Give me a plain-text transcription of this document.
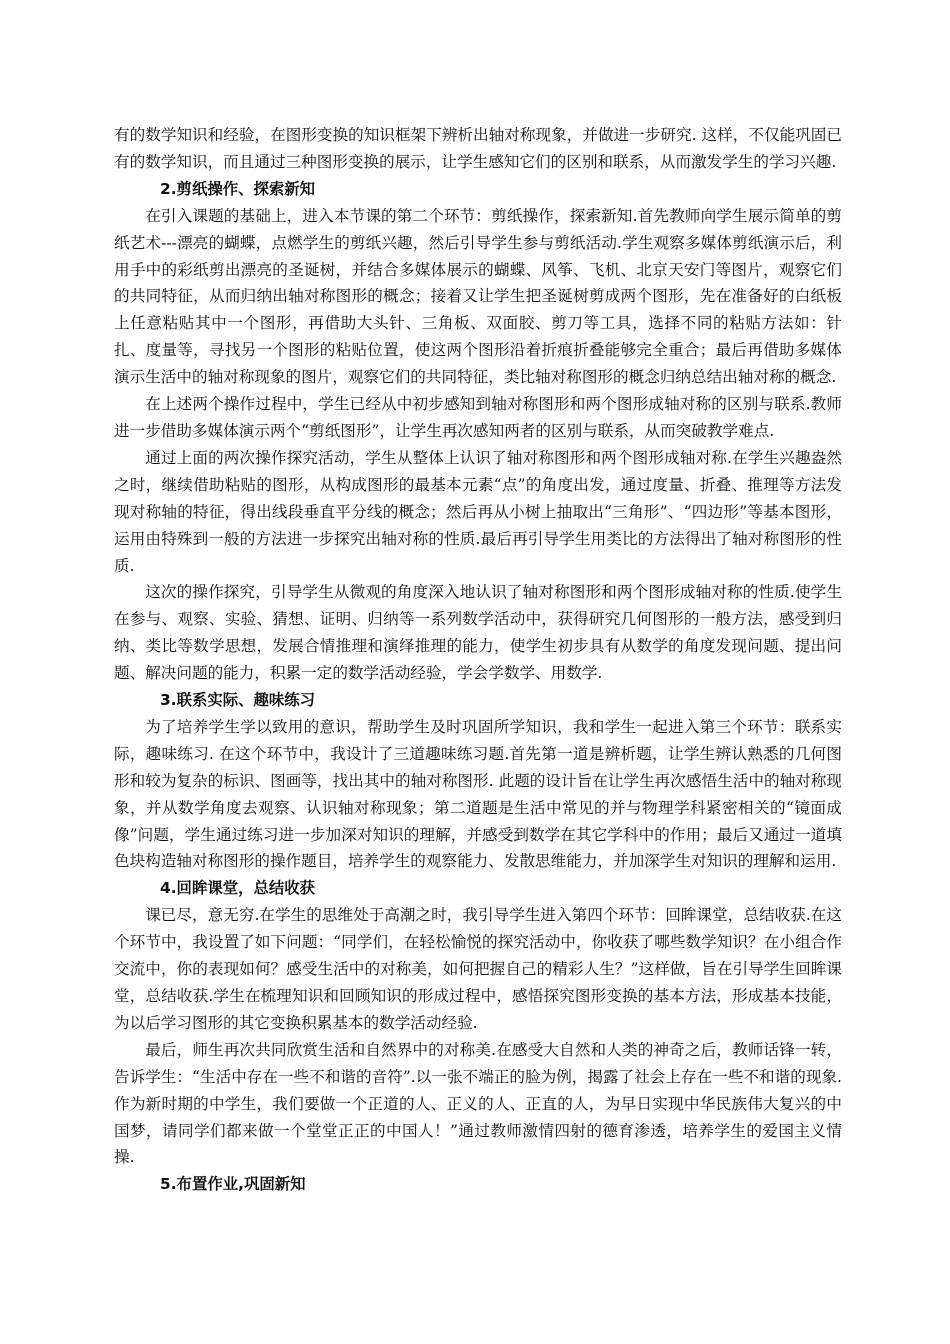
有的数学知识和经验，在图形变换的知识框架下辨析出轴对称现象，并做进一步研究. 这样，不仅能巩固已有的数学知识，而且通过三种图形变换的展示，让学生感知它们的区别和联系，从而激发学生的学习兴趣.

2.剪纸操作、探索新知

在引入课题的基础上，进入本节课的第二个环节：剪纸操作，探索新知.首先教师向学生展示简单的剪纸艺术---漂亮的蝴蝶，点燃学生的剪纸兴趣，然后引导学生参与剪纸活动.学生观察多媒体剪纸演示后，利用手中的彩纸剪出漂亮的圣诞树，并结合多媒体展示的蝴蝶、风筝、飞机、北京天安门等图片，观察它们的共同特征，从而归纳出轴对称图形的概念；接着又让学生把圣诞树剪成两个图形，先在准备好的白纸板上任意粘贴其中一个图形，再借助大头针、三角板、双面胶、剪刀等工具，选择不同的粘贴方法如：针扎、度量等，寻找另一个图形的粘贴位置，使这两个图形沿着折痕折叠能够完全重合；最后再借助多媒体演示生活中的轴对称现象的图片，观察它们的共同特征，类比轴对称图形的概念归纳总结出轴对称的概念.

在上述两个操作过程中，学生已经从中初步感知到轴对称图形和两个图形成轴对称的区别与联系.教师进一步借助多媒体演示两个“剪纸图形”，让学生再次感知两者的区别与联系，从而突破教学难点.

通过上面的两次操作探究活动，学生从整体上认识了轴对称图形和两个图形成轴对称.在学生兴趣盎然之时，继续借助粘贴的图形，从构成图形的最基本元素“点”的角度出发，通过度量、折叠、推理等方法发现对称轴的特征，得出线段垂直平分线的概念；然后再从小树上抽取出“三角形”、“四边形”等基本图形，运用由特殊到一般的方法进一步探究出轴对称的性质.最后再引导学生用类比的方法得出了轴对称图形的性质.

这次的操作探究，引导学生从微观的角度深入地认识了轴对称图形和两个图形成轴对称的性质.使学生在参与、观察、实验、猜想、证明、归纳等一系列数学活动中，获得研究几何图形的一般方法，感受到归纳、类比等数学思想，发展合情推理和演绎推理的能力，使学生初步具有从数学的角度发现问题、提出问题、解决问题的能力，积累一定的数学活动经验，学会学数学、用数学.

3.联系实际、趣味练习

为了培养学生学以致用的意识，帮助学生及时巩固所学知识，我和学生一起进入第三个环节：联系实际，趣味练习. 在这个环节中，我设计了三道趣味练习题.首先第一道是辨析题，让学生辨认熟悉的几何图形和较为复杂的标识、图画等，找出其中的轴对称图形. 此题的设计旨在让学生再次感悟生活中的轴对称现象，并从数学角度去观察、认识轴对称现象；第二道题是生活中常见的并与物理学科紧密相关的“镜面成像”问题，学生通过练习进一步加深对知识的理解，并感受到数学在其它学科中的作用；最后又通过一道填色块构造轴对称图形的操作题目，培养学生的观察能力、发散思维能力，并加深学生对知识的理解和运用.

4.回眸课堂，总结收获

课已尽，意无穷.在学生的思维处于高潮之时，我引导学生进入第四个环节：回眸课堂，总结收获.在这个环节中，我设置了如下问题：“同学们，在轻松愉悦的探究活动中，你收获了哪些数学知识？在小组合作交流中，你的表现如何？感受生活中的对称美，如何把握自己的精彩人生？”这样做，旨在引导学生回眸课堂，总结收获.学生在梳理知识和回顾知识的形成过程中，感悟探究图形变换的基本方法，形成基本技能，为以后学习图形的其它变换积累基本的数学活动经验.

最后，师生再次共同欣赏生活和自然界中的对称美.在感受大自然和人类的神奇之后，教师话锋一转，告诉学生：“生活中存在一些不和谐的音符”.以一张不端正的脸为例，揭露了社会上存在一些不和谐的现象.作为新时期的中学生，我们要做一个正道的人、正义的人、正直的人，为早日实现中华民族伟大复兴的中国梦，请同学们都来做一个堂堂正正的中国人！”通过教师激情四射的德育渗透，培养学生的爱国主义情操.

5.布置作业,巩固新知
